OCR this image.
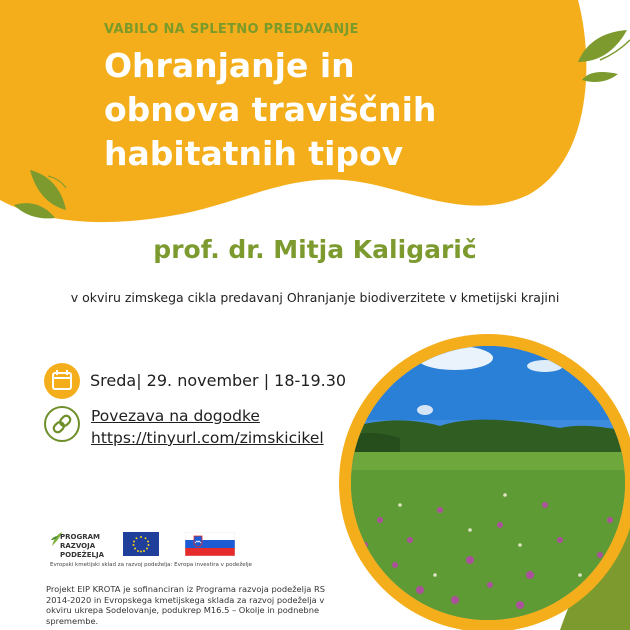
VABILO NA SPLETNO PREDAVANJE
Ohranjanje in
obnova traviščnih
habitatnih tipov
prof. dr. Mitja Kaligarič
v okviru zimskega cikla predavanj Ohranjanje biodiverzitete v kmetijski krajini
Sreda| 29. november | 18-19.30
Povezava na dogodke
https://tinyurl.com/zimskicikel
PROGRAM
RAZVOJA
PODEŽELJA
Evropski kmetijski sklad za razvoj podeželja: Evropa investira v podeželje
Projekt EIP KROTA je sofinanciran iz Programa razvoja podeželja RS 2014-2020 in Evropskega kmetijskega sklada za razvoj podeželja v okviru ukrepa Sodelovanje, podukrep M16.5 – Okolje in podnebne spremembe.
